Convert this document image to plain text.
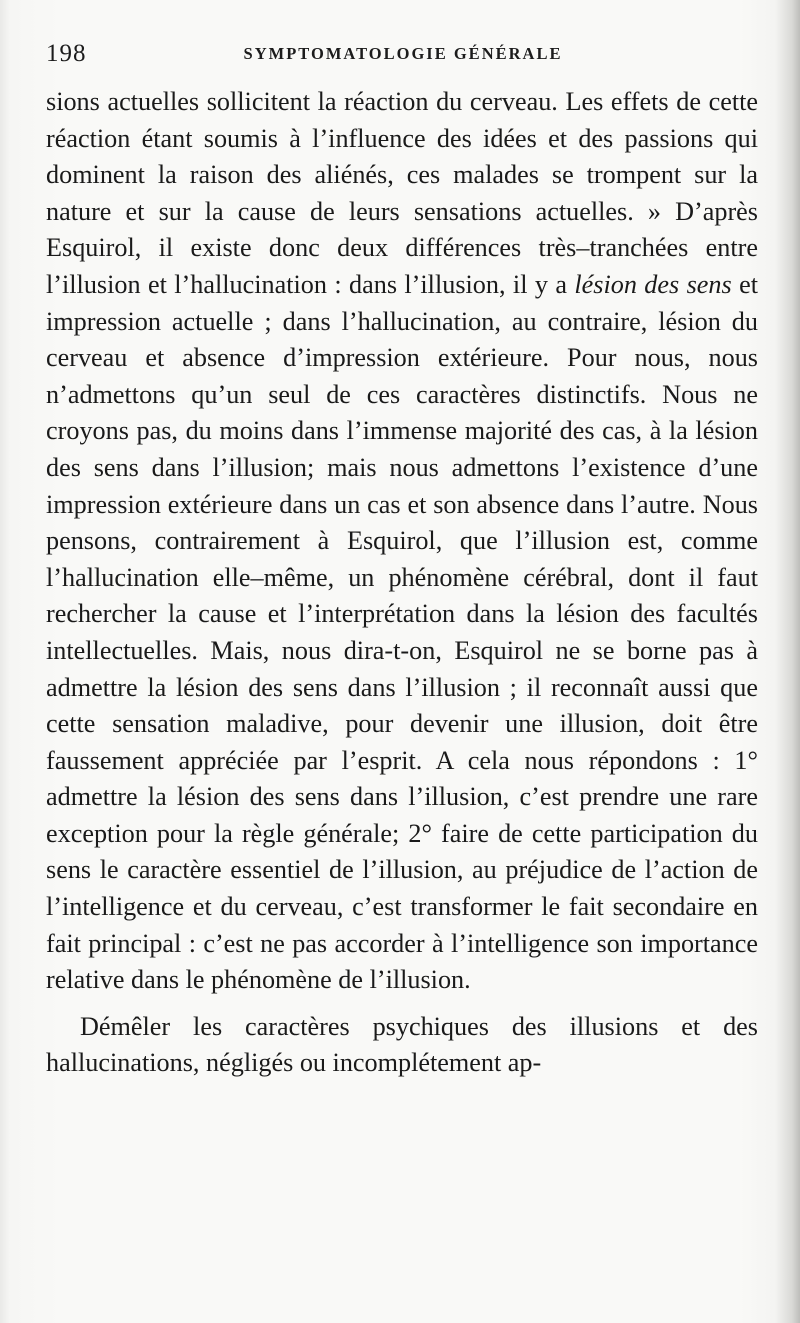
198	SYMPTOMATOLOGIE GÉNÉRALE

sions actuelles sollicitent la réaction du cerveau. Les effets de cette réaction étant soumis à l’influence des idées et des passions qui dominent la raison des aliénés, ces malades se trompent sur la nature et sur la cause de leurs sensations actuelles. » D’après Esquirol, il existe donc deux différences très–tranchées entre l’illusion et l’hallucination : dans l’illusion, il y a lésion des sens et impression actuelle ; dans l’hallucination, au contraire, lésion du cerveau et absence d’impression extérieure. Pour nous, nous n’admettons qu’un seul de ces caractères distinctifs. Nous ne croyons pas, du moins dans l’immense majorité des cas, à la lésion des sens dans l’illusion; mais nous admettons l’existence d’une impression extérieure dans un cas et son absence dans l’autre. Nous pensons, contrairement à Esquirol, que l’illusion est, comme l’hallucination elle–même, un phénomène cérébral, dont il faut rechercher la cause et l’interprétation dans la lésion des facultés intellectuelles. Mais, nous dira-t-on, Esquirol ne se borne pas à admettre la lésion des sens dans l’illusion ; il reconnaît aussi que cette sensation maladive, pour devenir une illusion, doit être faussement appréciée par l’esprit. A cela nous répondons : 1° admettre la lésion des sens dans l’illusion, c’est prendre une rare exception pour la règle générale; 2° faire de cette participation du sens le caractère essentiel de l’illusion, au préjudice de l’action de l’intelligence et du cerveau, c’est transformer le fait secondaire en fait principal : c’est ne pas accorder à l’intelligence son importance relative dans le phénomène de l’illusion.

Démêler les caractères psychiques des illusions et des hallucinations, négligés ou incomplétement ap-
